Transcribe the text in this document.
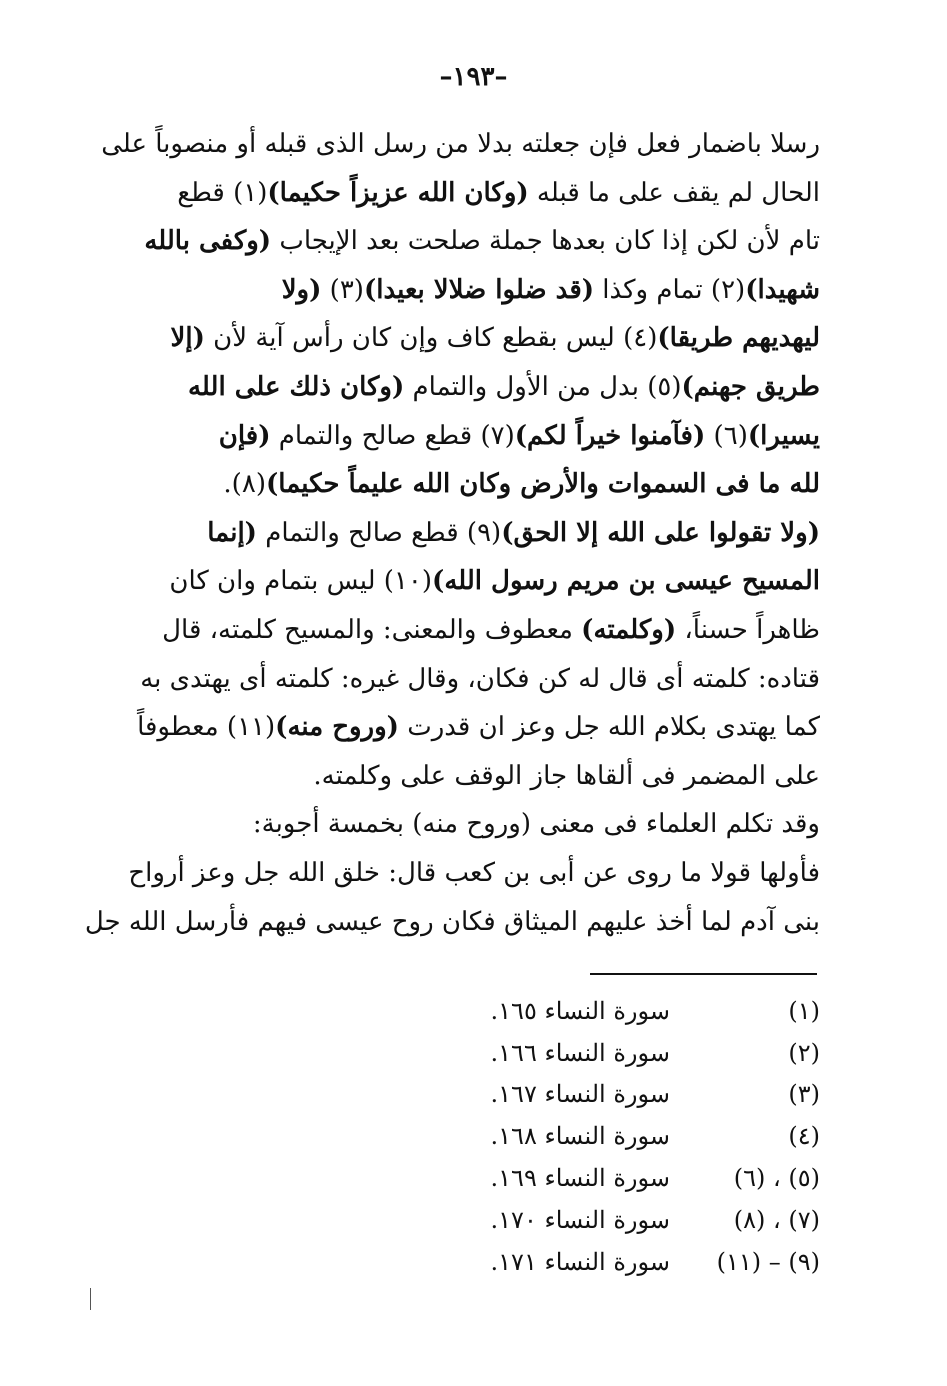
–١٩٣–
رسلا باضمار فعل فإن جعلته بدلا من رسل الذى قبله أو منصوباً على
الحال لم يقف على ما قبله (وكان الله عزيزاً حكيما)(١) قطع
تام لأن لكن إذا كان بعدها جملة صلحت بعد الإيجاب (وكفى بالله
شهيدا)(٢) تمام وكذا (قد ضلوا ضلالا بعيدا)(٣) (ولا
ليهديهم طريقا)(٤) ليس بقطع كاف وإن كان رأس آية لأن (إلا
طريق جهنم)(٥) بدل من الأول والتمام (وكان ذلك على الله
يسيرا)(٦) (فآمنوا خيراً لكم)(٧) قطع صالح والتمام (فإن
لله ما فى السموات والأرض وكان الله عليماً حكيما)(٨).
(ولا تقولوا على الله إلا الحق)(٩) قطع صالح والتمام (إنما
المسيح عيسى بن مريم رسول الله)(١٠) ليس بتمام وان كان
ظاهراً حسناً، (وكلمته) معطوف والمعنى: والمسيح كلمته، قال
قتاده: كلمته أى قال له كن فكان، وقال غيره: كلمته أى يهتدى به
كما يهتدى بكلام الله جل وعز ان قدرت (وروح منه)(١١) معطوفاً
على المضمر فى ألقاها جاز الوقف على وكلمته.
وقد تكلم العلماء فى معنى (وروح منه) بخمسة أجوبة:
فأولها قولا ما روى عن أبى بن كعب قال: خلق الله جل وعز أرواح
بنى آدم لما أخذ عليهم الميثاق فكان روح عيسى فيهم فأرسل الله جل
(١)
سورة النساء ١٦٥.
(٢)
سورة النساء ١٦٦.
(٣)
سورة النساء ١٦٧.
(٤)
سورة النساء ١٦٨.
(٥) ، (٦)
سورة النساء ١٦٩.
(٧) ، (٨)
سورة النساء ١٧٠.
(٩) – (١١)
سورة النساء ١٧١.
